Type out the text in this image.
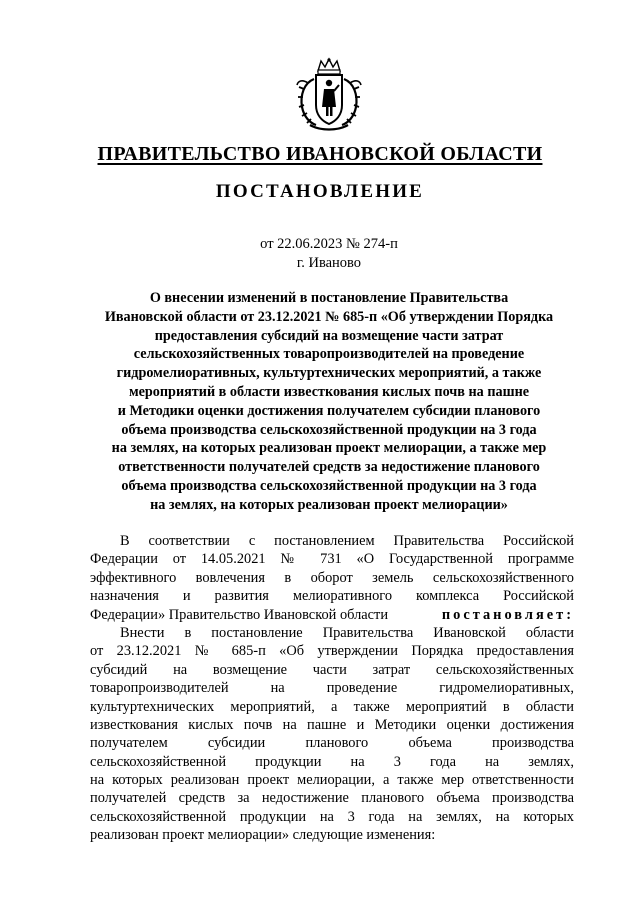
ПРАВИТЕЛЬСТВО ИВАНОВСКОЙ ОБЛАСТИ
ПОСТАНОВЛЕНИЕ
от 22.06.2023 № 274-п
г. Иваново
О внесении изменений в постановление Правительства
Ивановской области от 23.12.2021 № 685-п «Об утверждении Порядка
предоставления субсидий на возмещение части затрат
сельскохозяйственных товаропроизводителей на проведение
гидромелиоративных, культуртехнических мероприятий, а также
мероприятий в области известкования кислых почв на пашне
и Методики оценки достижения получателем субсидии планового
объема производства сельскохозяйственной продукции на 3 года
на землях, на которых реализован проект мелиорации, а также мер
ответственности получателей средств за недостижение планового
объема производства сельскохозяйственной продукции на 3 года
на землях, на которых реализован проект мелиорации»
В соответствии с постановлением Правительства Российской
Федерации от 14.05.2021 № 731 «О Государственной программе
эффективного вовлечения в оборот земель сельскохозяйственного
назначения и развития мелиоративного комплекса Российской
Федерации» Правительство Ивановской области	постановляет:
Внести в постановление Правительства Ивановской области
от 23.12.2021 № 685-п «Об утверждении Порядка предоставления
субсидий на возмещение части затрат сельскохозяйственных
товаропроизводителей на проведение гидромелиоративных,
культуртехнических мероприятий, а также мероприятий в области
известкования кислых почв на пашне и Методики оценки достижения
получателем субсидии планового объема производства
сельскохозяйственной продукции на 3 года на землях,
на которых реализован проект мелиорации, а также мер ответственности
получателей средств за недостижение планового объема производства
сельскохозяйственной продукции на 3 года на землях, на которых
реализован проект мелиорации» следующие изменения:
